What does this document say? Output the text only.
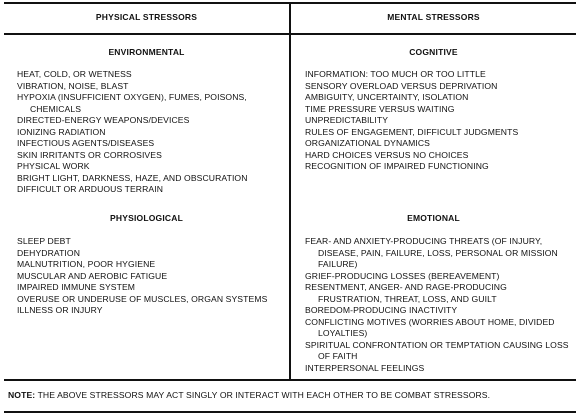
PHYSICAL STRESSORS	MENTAL STRESSORS
ENVIRONMENTAL
HEAT, COLD, OR WETNESS
VIBRATION, NOISE, BLAST
HYPOXIA (INSUFFICIENT OXYGEN), FUMES, POISONS, CHEMICALS
DIRECTED-ENERGY WEAPONS/DEVICES
IONIZING RADIATION
INFECTIOUS AGENTS/DISEASES
SKIN IRRITANTS OR CORROSIVES
PHYSICAL WORK
BRIGHT LIGHT, DARKNESS, HAZE, AND OBSCURATION
DIFFICULT OR ARDUOUS TERRAIN
PHYSIOLOGICAL
SLEEP DEBT
DEHYDRATION
MALNUTRITION, POOR HYGIENE
MUSCULAR AND AEROBIC FATIGUE
IMPAIRED IMMUNE SYSTEM
OVERUSE OR UNDERUSE OF MUSCLES, ORGAN SYSTEMS
ILLNESS OR INJURY
COGNITIVE
INFORMATION: TOO MUCH OR TOO LITTLE
SENSORY OVERLOAD VERSUS DEPRIVATION
AMBIGUITY, UNCERTAINTY, ISOLATION
TIME PRESSURE VERSUS WAITING
UNPREDICTABILITY
RULES OF ENGAGEMENT, DIFFICULT JUDGMENTS
ORGANIZATIONAL DYNAMICS
HARD CHOICES VERSUS NO CHOICES
RECOGNITION OF IMPAIRED FUNCTIONING
EMOTIONAL
FEAR- AND ANXIETY-PRODUCING THREATS (OF INJURY, DISEASE, PAIN, FAILURE, LOSS, PERSONAL OR MISSION FAILURE)
GRIEF-PRODUCING LOSSES (BEREAVEMENT)
RESENTMENT, ANGER- AND RAGE-PRODUCING FRUSTRATION, THREAT, LOSS, AND GUILT
BOREDOM-PRODUCING INACTIVITY
CONFLICTING MOTIVES (WORRIES ABOUT HOME, DIVIDED LOYALTIES)
SPIRITUAL CONFRONTATION OR TEMPTATION CAUSING LOSS OF FAITH
INTERPERSONAL FEELINGS
NOTE: THE ABOVE STRESSORS MAY ACT SINGLY OR INTERACT WITH EACH OTHER TO BE COMBAT STRESSORS.
